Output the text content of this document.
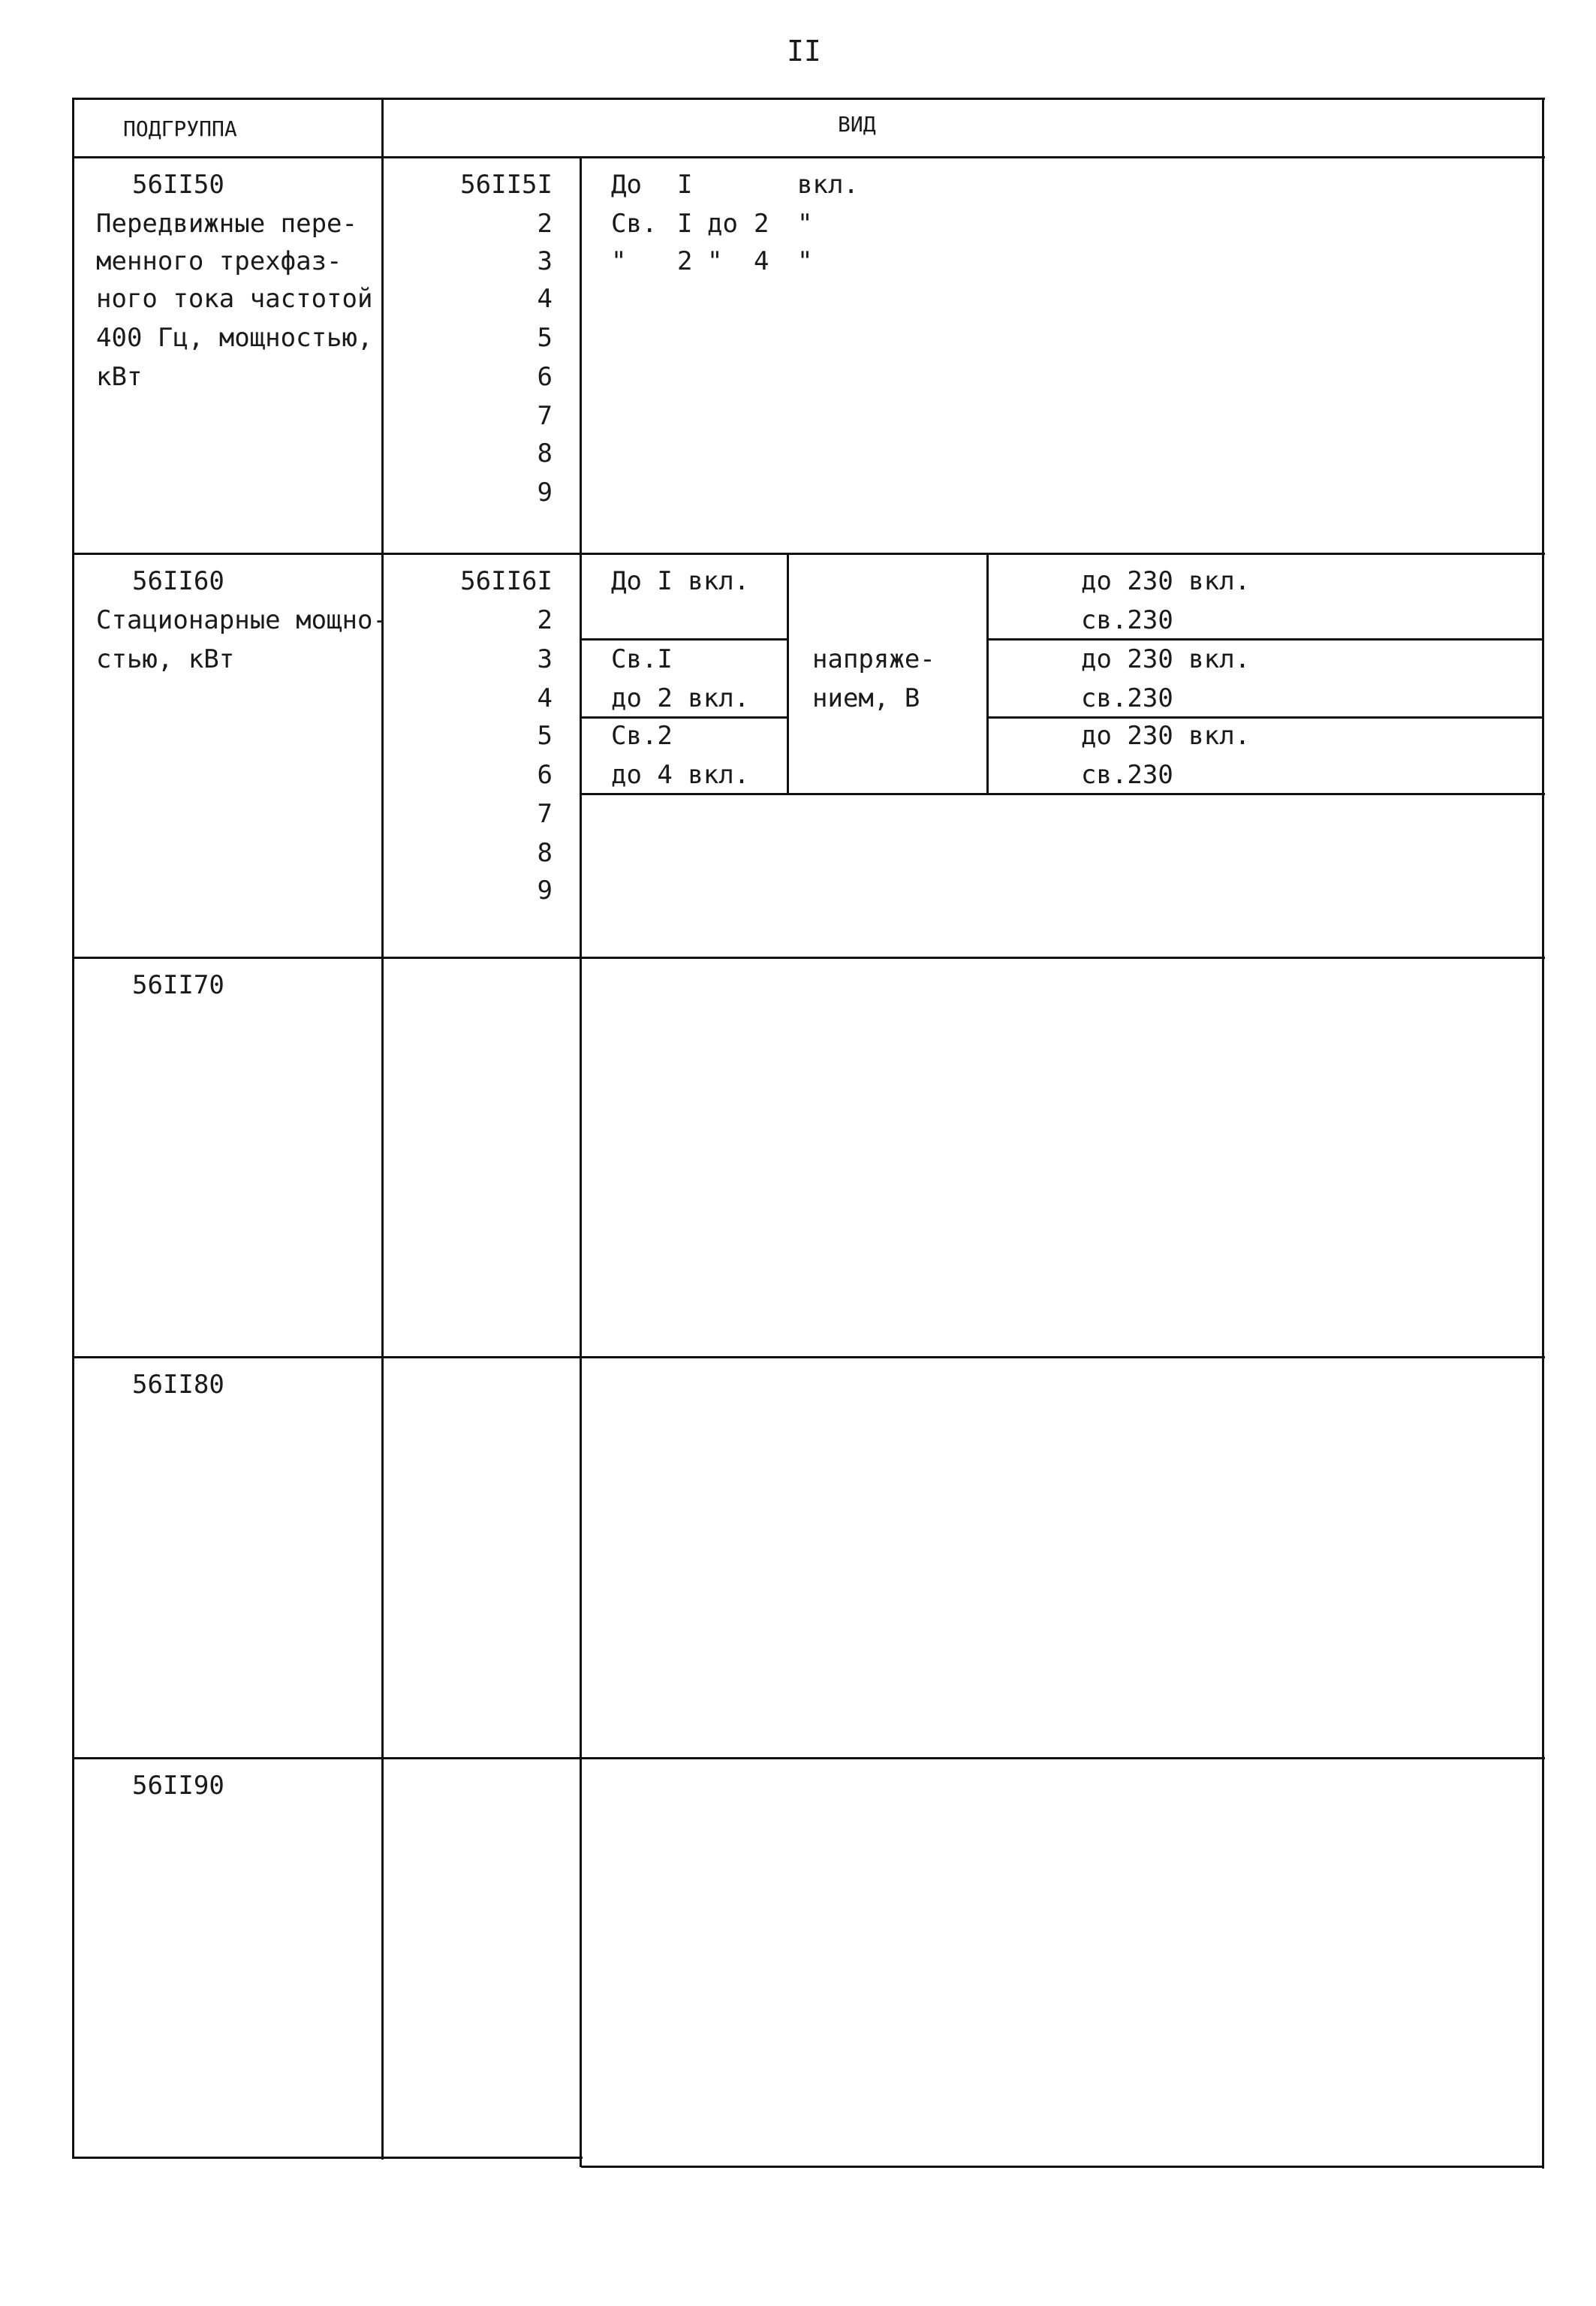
II
ПОДГРУППА	ВИД
56II50
Передвижные пере-
менного трехфаз-
ного тока частотой
400 Гц, мощностью,
кВт
56II5I
2
3
4
5
6
7
8
9
До I	вкл.
Св. I до 2 "
" 2 " 4 "
56II60
Стационарные мощно-
стью, кВт
56II6I
2
3
4
5
6
7
8
9
До I вкл.
Св.I
до 2 вкл.
Св.2
до 4 вкл.
напряже-
нием, В
до 230 вкл.
св.230
до 230 вкл.
св.230
до 230 вкл.
св.230
56II70
56II80
56II90
